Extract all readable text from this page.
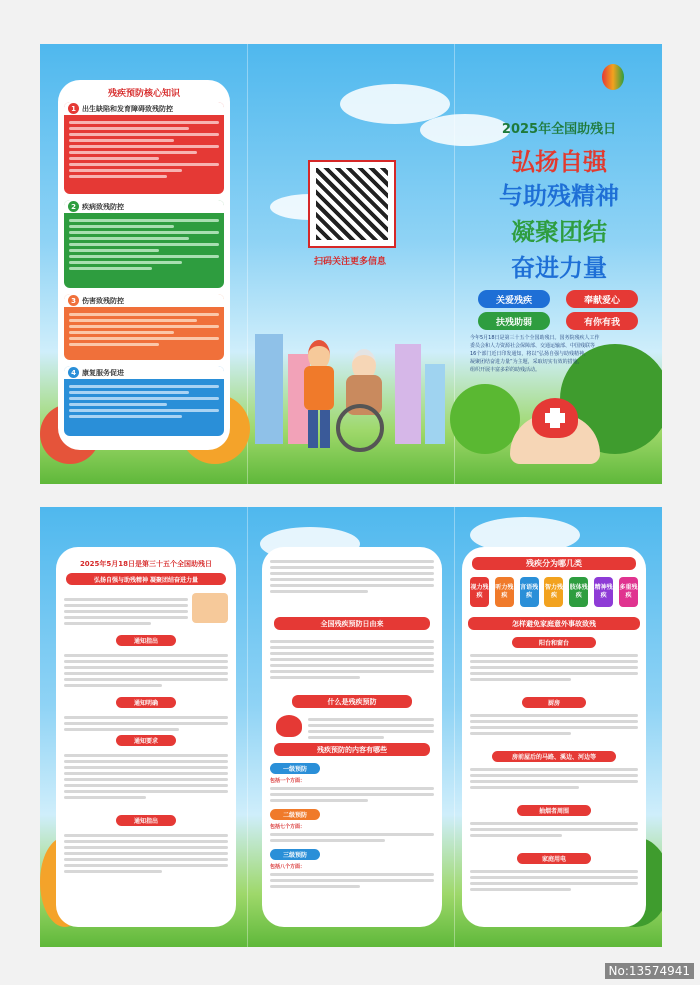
残疾预防核心知识
1 出生缺陷和发育障碍致残防控
2 疾病致残防控
3 伤害致残防控
4 康复服务促进
扫码关注更多信息
2025年全国助残日
弘扬自强
与助残精神
凝聚团结
奋进力量
关爱残疾	奉献爱心
扶残助弱	有你有我
今年5月18日是第三十五个全国助残日。国务院残疾人工作
委员会和人力资源社会保障部、交通运输部、中国残联等
16个部门近日印发通知，将以“弘扬自强与助残精神，
凝聚团结奋进力量”为主题，采取切实有效的措施，
组织开展丰富多彩的助残活动。
2025年5月18日是第三十五个全国助残日
弘扬自强与助残精神 凝聚团结奋进力量
通知指出
通知明确
通知要求
通知指出
全国残疾预防日由来
什么是残疾预防
残疾预防的内容有哪些
一级预防
包括一个方面：
二级预防
包括七个方面：
三级预防
包括八个方面：
残疾分为哪几类
视力残疾
听力残疾
言语残疾
智力残疾
肢体残疾
精神残疾
多重残疾
怎样避免家庭意外事故致残
阳台和窗台
厨房
房前屋后的马路、溪边、河边等
抽烟者周围
家庭用电
No:13574941
